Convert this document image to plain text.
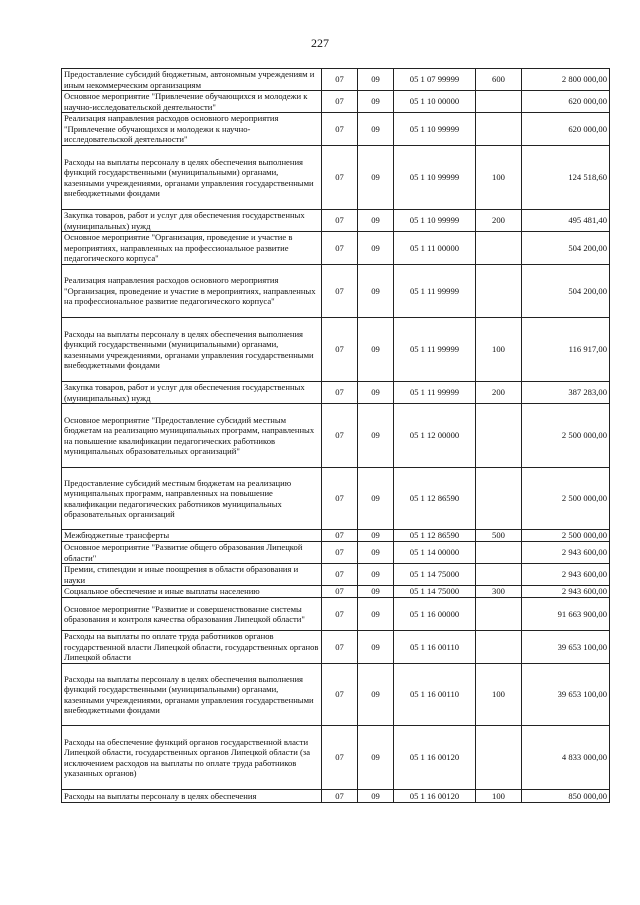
227
Предоставление субсидий бюджетным, автономным учреждениям и иным некоммерческим организациям	07	09	05 1 07 99999	600	2 800 000,00
Основное мероприятие "Привлечение обучающихся и молодежи к научно-исследовательской деятельности"	07	09	05 1 10 00000		620 000,00
Реализация направления расходов основного мероприятия "Привлечение обучающихся и молодежи к научно-исследовательской деятельности"	07	09	05 1 10 99999		620 000,00
Расходы на выплаты персоналу в целях обеспечения выполнения функций государственными (муниципальными) органами, казенными учреждениями, органами управления государственными внебюджетными фондами	07	09	05 1 10 99999	100	124 518,60
Закупка товаров, работ и услуг для обеспечения государственных (муниципальных) нужд	07	09	05 1 10 99999	200	495 481,40
Основное мероприятие "Организация, проведение и участие в мероприятиях, направленных на профессиональное развитие педагогического корпуса"	07	09	05 1 11 00000		504 200,00
Реализация направления расходов основного мероприятия "Организация, проведение и участие в мероприятиях, направленных на профессиональное развитие педагогического корпуса"	07	09	05 1 11 99999		504 200,00
Расходы на выплаты персоналу в целях обеспечения выполнения функций государственными (муниципальными) органами, казенными учреждениями, органами управления государственными внебюджетными фондами	07	09	05 1 11 99999	100	116 917,00
Закупка товаров, работ и услуг для обеспечения государственных (муниципальных) нужд	07	09	05 1 11 99999	200	387 283,00
Основное мероприятие "Предоставление субсидий местным бюджетам на реализацию муниципальных программ, направленных на повышение квалификации педагогических работников муниципальных образовательных организаций"	07	09	05 1 12 00000		2 500 000,00
Предоставление субсидий местным бюджетам на реализацию муниципальных программ, направленных на повышение квалификации педагогических работников муниципальных образовательных организаций	07	09	05 1 12 86590		2 500 000,00
Межбюджетные трансферты	07	09	05 1 12 86590	500	2 500 000,00
Основное мероприятие "Развитие общего образования Липецкой области"	07	09	05 1 14 00000		2 943 600,00
Премии, стипендии и иные поощрения в области образования и науки	07	09	05 1 14 75000		2 943 600,00
Социальное обеспечение и иные выплаты населению	07	09	05 1 14 75000	300	2 943 600,00
Основное мероприятие "Развитие и совершенствование системы образования и контроля качества образования Липецкой области"	07	09	05 1 16 00000		91 663 900,00
Расходы на выплаты по оплате труда работников органов государственной власти Липецкой области, государственных органов Липецкой области	07	09	05 1 16 00110		39 653 100,00
Расходы на выплаты персоналу в целях обеспечения выполнения функций государственными (муниципальными) органами, казенными учреждениями, органами управления государственными внебюджетными фондами	07	09	05 1 16 00110	100	39 653 100,00
Расходы на обеспечение функций органов государственной власти Липецкой области, государственных органов Липецкой области (за исключением расходов на выплаты по оплате труда работников указанных органов)	07	09	05 1 16 00120		4 833 000,00
Расходы на выплаты персоналу в целях обеспечения	07	09	05 1 16 00120	100	850 000,00
